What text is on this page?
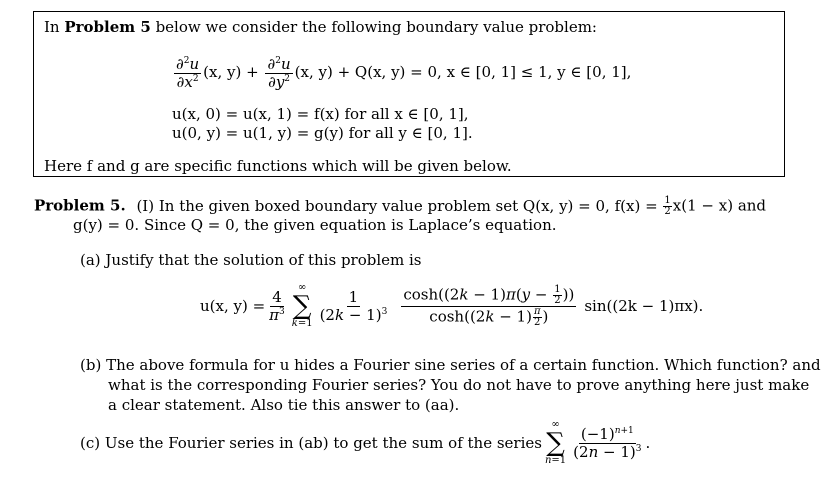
In Problem 5 below we consider the following boundary value problem:
$\frac{\partial^2u}{\partial x^2} (x$, $y) + \frac{\partial^2u}{\partial y^2} (x$, y) + Q(x, y) = 0, x ∈ [0, 1] ≤ 1, y ∈ [0, 1],
u(x, 0) = u(x, 1) = f(x) for all x ∈ [0, 1],
u(0, y) = u(1, y) = g(y) for all y ∈ [0, 1].
Here f and g are specific functions which will be given below.
Problem 5. (I) In the given boxed boundary value problem set Q(x, y) = 0, $f(x) = \frac{1}{2} x(1 - x)$ and
g(y) = 0. Since Q = 0, the given equation is Laplace’s equation.
(a) Justify that the solution of this problem is
u(x, $y) = \frac{4}{\pi^3}$
∞
∑
k=1
$\frac{1}{(2k - 1)^3} \frac{\cosh((2k - 1)\pi(y - \frac{1}{2} ))}{\cosh((2k - 1) \frac{\pi}{2} )} \sin((2k - 1)\pi x)$.
(b) The above formula for u hides a Fourier sine series of a certain function. Which function? and
what is the corresponding Fourier series? You do not have to prove anything here just make
a clear statement. Also tie this answer to (aa).
(c) Use the Fourier series in (ab) to get the sum of the series
∞
∑
n=1
$\frac{(-1)^{n+1}}{(2n - 1)^3}$ .
